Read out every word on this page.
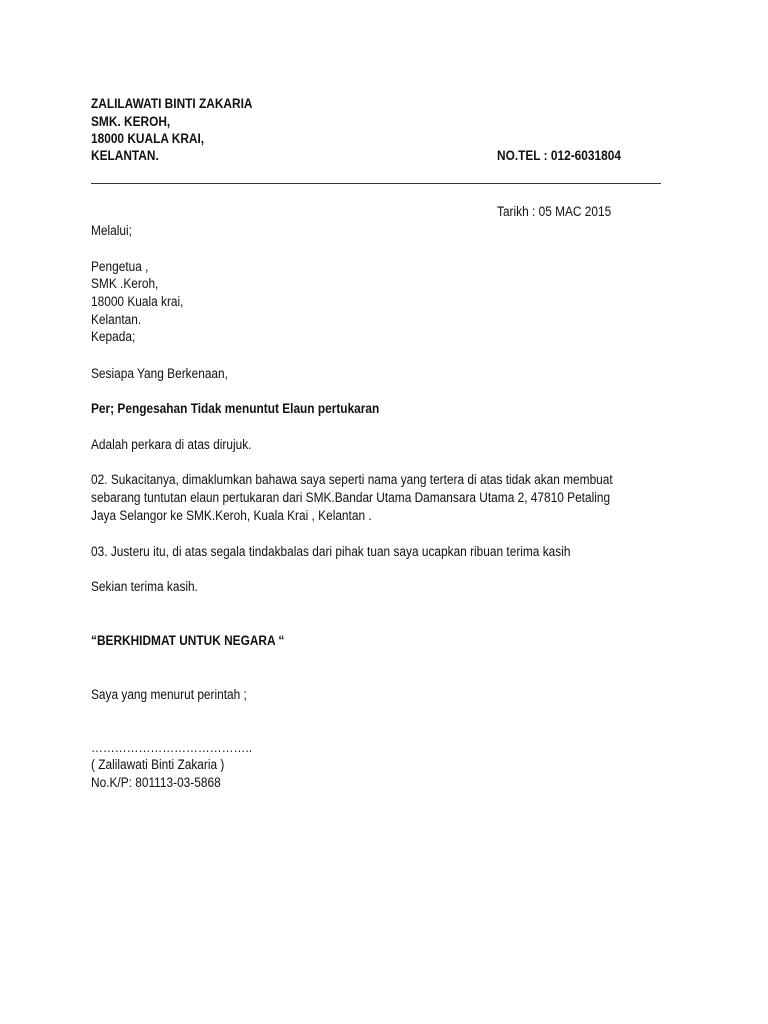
ZALILAWATI BINTI ZAKARIA
SMK. KEROH,
18000 KUALA KRAI,
KELANTAN.	NO.TEL : 012-6031804
Tarikh : 05 MAC 2015
Melalui;
Pengetua ,
SMK .Keroh,
18000 Kuala krai,
Kelantan.
Kepada;
Sesiapa Yang Berkenaan,
Per; Pengesahan Tidak menuntut Elaun pertukaran
Adalah perkara di atas dirujuk.
02. Sukacitanya, dimaklumkan bahawa saya seperti nama yang tertera di atas tidak akan membuat
sebarang tuntutan elaun pertukaran dari SMK.Bandar Utama Damansara Utama 2, 47810 Petaling
Jaya Selangor ke SMK.Keroh, Kuala Krai , Kelantan .
03. Justeru itu, di atas segala tindakbalas dari pihak tuan saya ucapkan ribuan terima kasih
Sekian terima kasih.
“BERKHIDMAT UNTUK NEGARA “
Saya yang menurut perintah ;
…………………………………..
( Zalilawati Binti Zakaria )
No.K/P: 801113-03-5868
